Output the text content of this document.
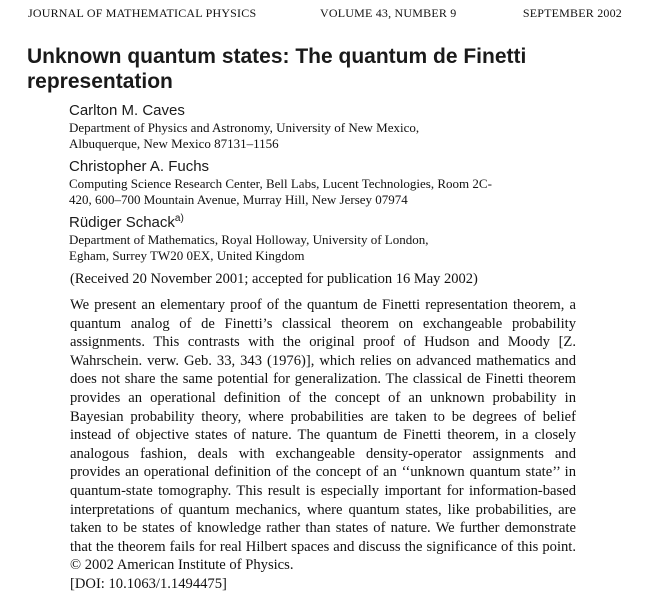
JOURNAL OF MATHEMATICAL PHYSICS	VOLUME 43, NUMBER 9	SEPTEMBER 2002
Unknown quantum states: The quantum de Finetti representation
Carlton M. Caves
Department of Physics and Astronomy, University of New Mexico, Albuquerque, New Mexico 87131–1156
Christopher A. Fuchs
Computing Science Research Center, Bell Labs, Lucent Technologies, Room 2C-420, 600–700 Mountain Avenue, Murray Hill, New Jersey 07974
Rüdiger Schack$^{a)}$
Department of Mathematics, Royal Holloway, University of London, Egham, Surrey TW20 0EX, United Kingdom
(Received 20 November 2001; accepted for publication 16 May 2002)
We present an elementary proof of the quantum de Finetti representation theorem, a quantum analog of de Finetti’s classical theorem on exchangeable probability assignments. This contrasts with the original proof of Hudson and Moody [Z. Wahrschein. verw. Geb. 33, 343 (1976)], which relies on advanced mathematics and does not share the same potential for generalization. The classical de Finetti theorem provides an operational definition of the concept of an unknown probability in Bayesian probability theory, where probabilities are taken to be degrees of belief instead of objective states of nature. The quantum de Finetti theorem, in a closely analogous fashion, deals with exchangeable density-operator assignments and provides an operational definition of the concept of an ‘‘unknown quantum state’’ in quantum-state tomography. This result is especially important for information-based interpretations of quantum mechanics, where quantum states, like probabilities, are taken to be states of knowledge rather than states of nature. We further demonstrate that the theorem fails for real Hilbert spaces and discuss the significance of this point. © 2002 American Institute of Physics.
[DOI: 10.1063/1.1494475]
